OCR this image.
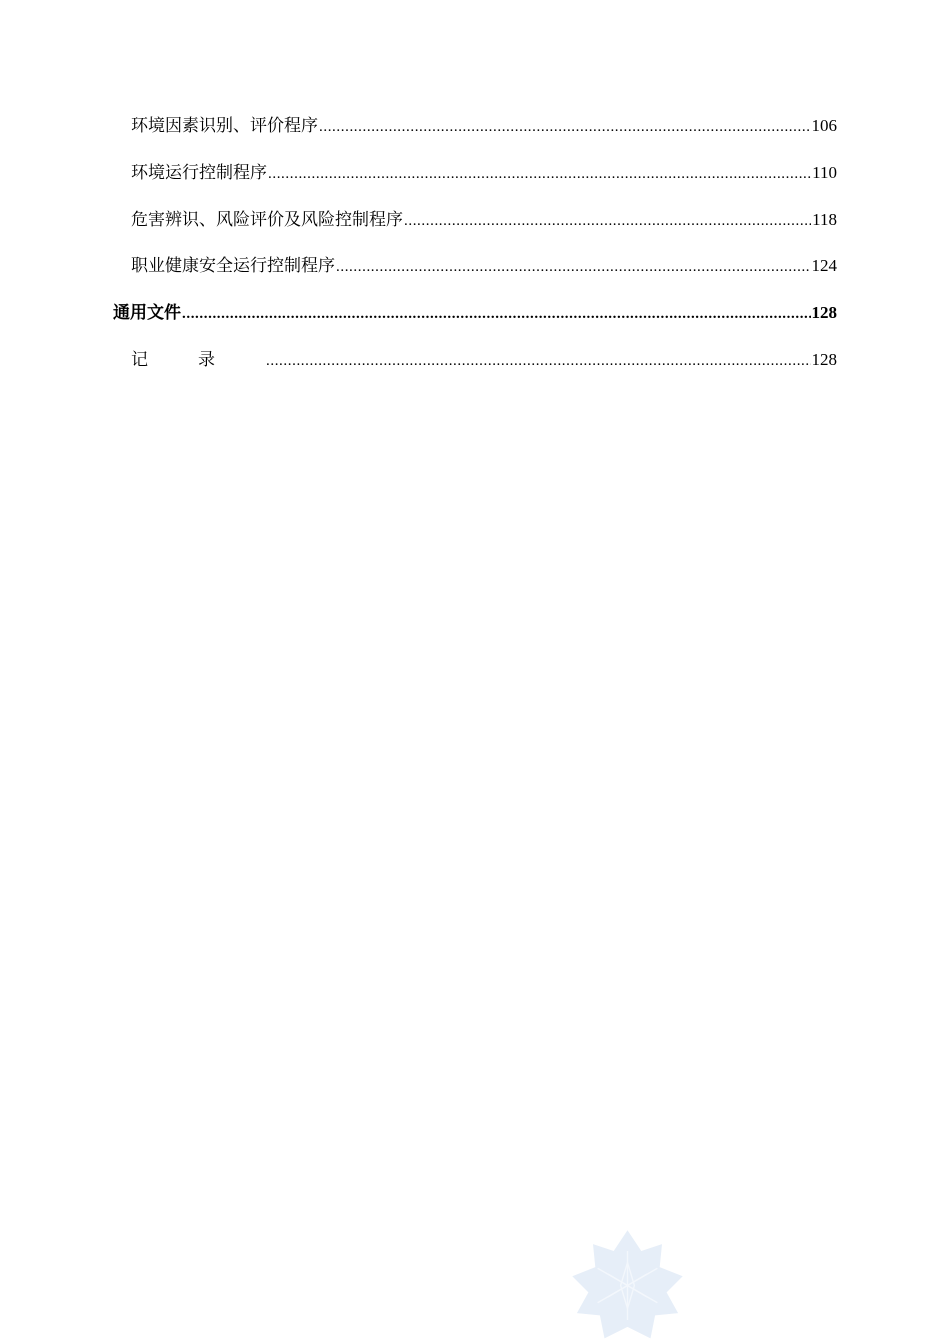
环境因素识别、评价程序 .....	106
环境运行控制程序 .....	110
危害辨识、风险评价及风险控制程序 .....	118
职业健康安全运行控制程序 .....	124
通用文件 .....	128
记录 .....	128
